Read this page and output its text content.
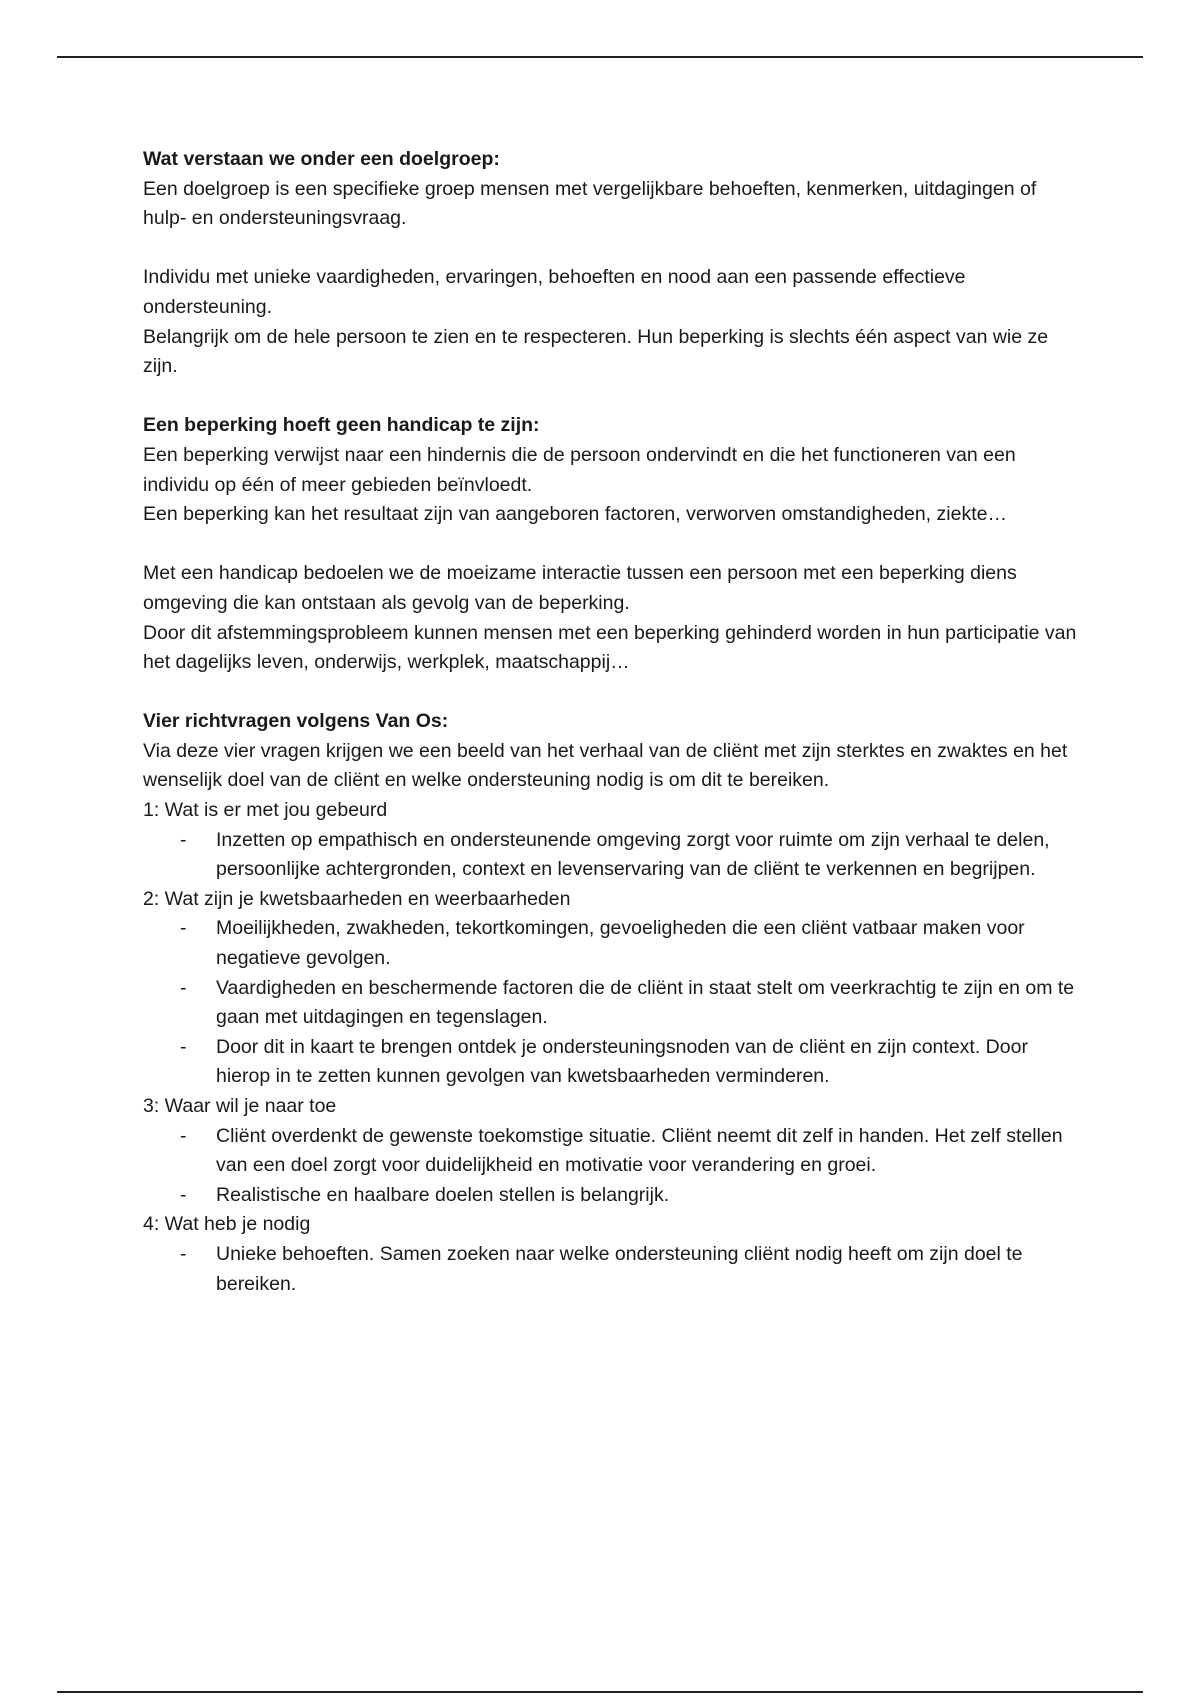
Wat verstaan we onder een doelgroep:

Een doelgroep is een specifieke groep mensen met vergelijkbare behoeften, kenmerken, uitdagingen of hulp- en ondersteuningsvraag.

Individu met unieke vaardigheden, ervaringen, behoeften en nood aan een passende effectieve ondersteuning.

Belangrijk om de hele persoon te zien en te respecteren. Hun beperking is slechts één aspect van wie ze zijn.

Een beperking hoeft geen handicap te zijn:

Een beperking verwijst naar een hindernis die de persoon ondervindt en die het functioneren van een individu op één of meer gebieden beïnvloedt.

Een beperking kan het resultaat zijn van aangeboren factoren, verworven omstandigheden, ziekte…

Met een handicap bedoelen we de moeizame interactie tussen een persoon met een beperking diens omgeving die kan ontstaan als gevolg van de beperking.

Door dit afstemmingsprobleem kunnen mensen met een beperking gehinderd worden in hun participatie van het dagelijks leven, onderwijs, werkplek, maatschappij…

Vier richtvragen volgens Van Os:

Via deze vier vragen krijgen we een beeld van het verhaal van de cliënt met zijn sterktes en zwaktes en het wenselijk doel van de cliënt en welke ondersteuning nodig is om dit te bereiken.

1: Wat is er met jou gebeurd

- Inzetten op empathisch en ondersteunende omgeving zorgt voor ruimte om zijn verhaal te delen, persoonlijke achtergronden, context en levenservaring van de cliënt te verkennen en begrijpen.

2: Wat zijn je kwetsbaarheden en weerbaarheden

- Moeilijkheden, zwakheden, tekortkomingen, gevoeligheden die een cliënt vatbaar maken voor negatieve gevolgen.
- Vaardigheden en beschermende factoren die de cliënt in staat stelt om veerkrachtig te zijn en om te gaan met uitdagingen en tegenslagen.
- Door dit in kaart te brengen ontdek je ondersteuningsnoden van de cliënt en zijn context. Door hierop in te zetten kunnen gevolgen van kwetsbaarheden verminderen.

3: Waar wil je naar toe

- Cliënt overdenkt de gewenste toekomstige situatie. Cliënt neemt dit zelf in handen. Het zelf stellen van een doel zorgt voor duidelijkheid en motivatie voor verandering en groei.
- Realistische en haalbare doelen stellen is belangrijk.

4: Wat heb je nodig

- Unieke behoeften. Samen zoeken naar welke ondersteuning cliënt nodig heeft om zijn doel te bereiken.
